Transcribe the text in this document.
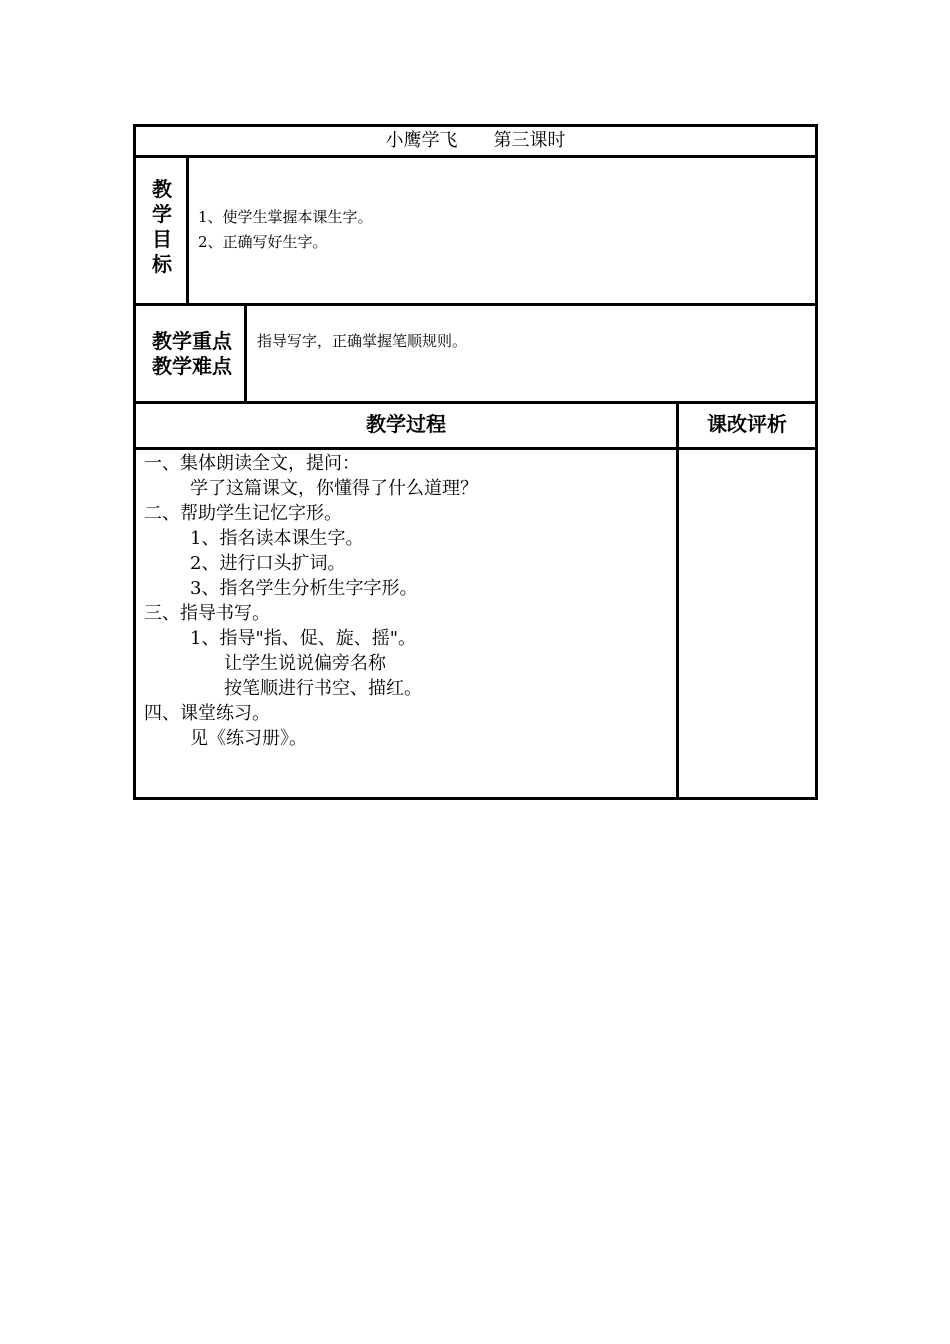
小鹰学飞 第三课时
教
学
目
标
1、使学生掌握本课生字。
2、正确写好生字。
教学重点
教学难点
指导写字，正确掌握笔顺规则。
教学过程	课改评析
一、集体朗读全文，提问：
学了这篇课文，你懂得了什么道理？
二、帮助学生记忆字形。
1、指名读本课生字。
2、进行口头扩词。
3、指名学生分析生字字形。
三、指导书写。
1、指导"指、促、旋、摇"。
让学生说说偏旁名称
按笔顺进行书空、描红。
四、课堂练习。
见《练习册》。
